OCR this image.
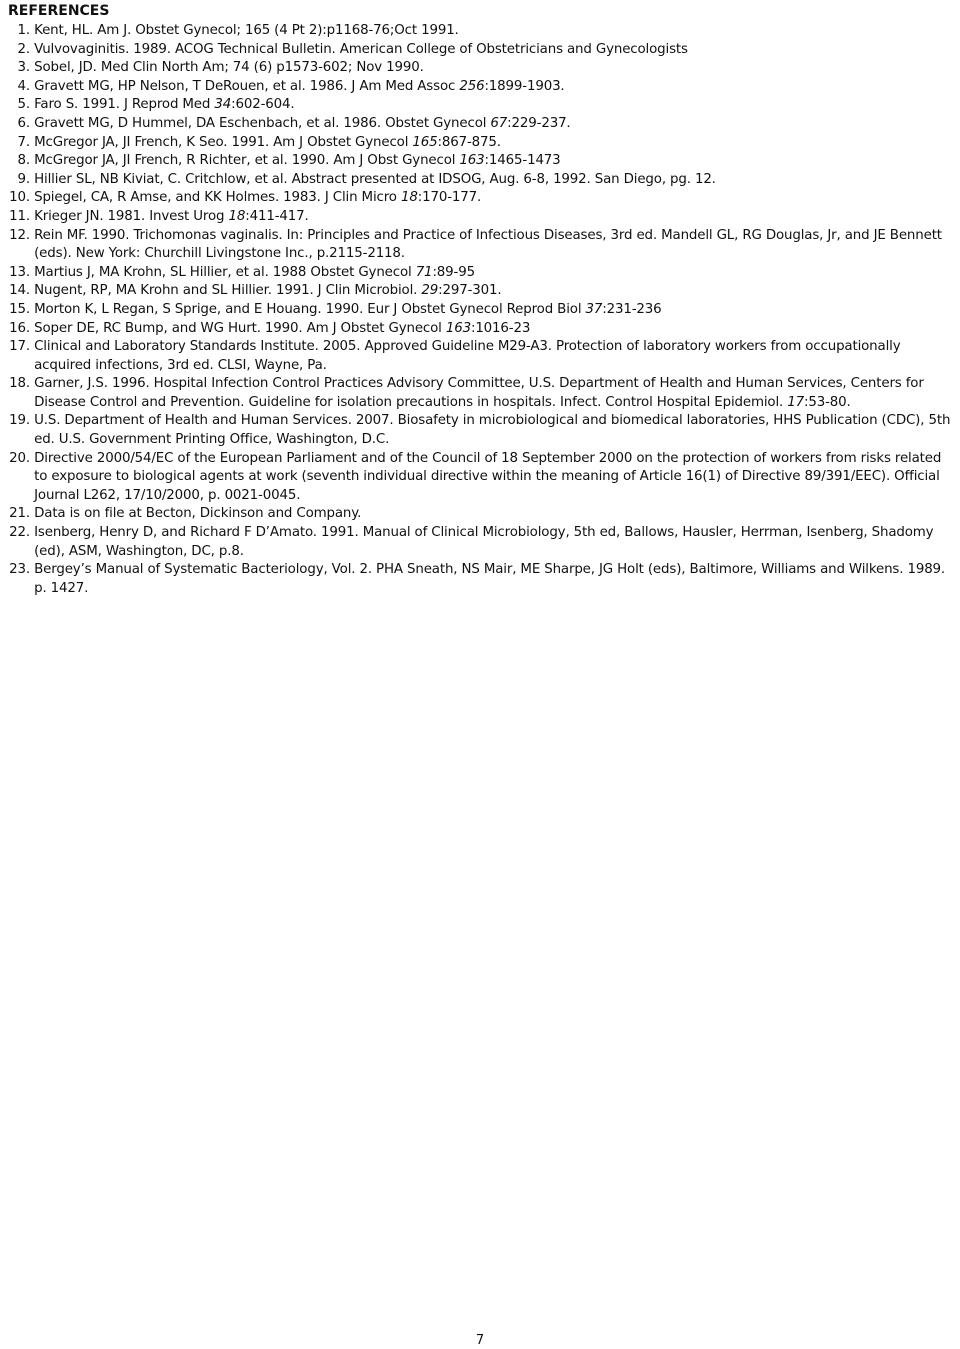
REFERENCES
1.
Kent, HL. Am J. Obstet Gynecol; 165 (4 Pt 2):p1168-76;Oct 1991.
2.
Vulvovaginitis. 1989. ACOG Technical Bulletin. American College of Obstetricians and Gynecologists
3.
Sobel, JD. Med Clin North Am; 74 (6) p1573-602; Nov 1990.
4.
Gravett MG, HP Nelson, T DeRouen, et al. 1986. J Am Med Assoc 256:1899-1903.
5.
Faro S. 1991. J Reprod Med 34:602-604.
6.
Gravett MG, D Hummel, DA Eschenbach, et al. 1986. Obstet Gynecol 67:229-237.
7.
McGregor JA, JI French, K Seo. 1991. Am J Obstet Gynecol 165:867-875.
8.
McGregor JA, JI French, R Richter, et al. 1990. Am J Obst Gynecol 163:1465-1473
9.
Hillier SL, NB Kiviat, C. Critchlow, et al. Abstract presented at IDSOG, Aug. 6-8, 1992. San Diego, pg. 12.
10.
Spiegel, CA, R Amse, and KK Holmes. 1983. J Clin Micro 18:170-177.
11.
Krieger JN. 1981. Invest Urog 18:411-417.
12.
Rein MF. 1990. Trichomonas vaginalis. In: Principles and Practice of Infectious Diseases, 3rd ed. Mandell GL, RG Douglas, Jr, and JE Bennett (eds). New York: Churchill Livingstone Inc., p.2115-2118.
13.
Martius J, MA Krohn, SL Hillier, et al. 1988 Obstet Gynecol 71:89-95
14.
Nugent, RP, MA Krohn and SL Hillier. 1991. J Clin Microbiol. 29:297-301.
15.
Morton K, L Regan, S Sprige, and E Houang. 1990. Eur J Obstet Gynecol Reprod Biol 37:231-236
16.
Soper DE, RC Bump, and WG Hurt. 1990. Am J Obstet Gynecol 163:1016-23
17.
Clinical and Laboratory Standards Institute. 2005. Approved Guideline M29-A3. Protection of laboratory workers from occupationally acquired infections, 3rd ed. CLSI, Wayne, Pa.
18.
Garner, J.S. 1996. Hospital Infection Control Practices Advisory Committee, U.S. Department of Health and Human Services, Centers for Disease Control and Prevention. Guideline for isolation precautions in hospitals. Infect. Control Hospital Epidemiol. 17:53-80.
19.
U.S. Department of Health and Human Services. 2007. Biosafety in microbiological and biomedical laboratories, HHS Publication (CDC), 5th ed. U.S. Government Printing Office, Washington, D.C.
20.
Directive 2000/54/EC of the European Parliament and of the Council of 18 September 2000 on the protection of workers from risks related to exposure to biological agents at work (seventh individual directive within the meaning of Article 16(1) of Directive 89/391/EEC). Official Journal L262, 17/10/2000, p. 0021-0045.
21.
Data is on file at Becton, Dickinson and Company.
22.
Isenberg, Henry D, and Richard F D’Amato. 1991. Manual of Clinical Microbiology, 5th ed, Ballows, Hausler, Herrman, Isenberg, Shadomy (ed), ASM, Washington, DC, p.8.
23.
Bergey’s Manual of Systematic Bacteriology, Vol. 2. PHA Sneath, NS Mair, ME Sharpe, JG Holt (eds), Baltimore, Williams and Wilkens. 1989. p. 1427.
7
